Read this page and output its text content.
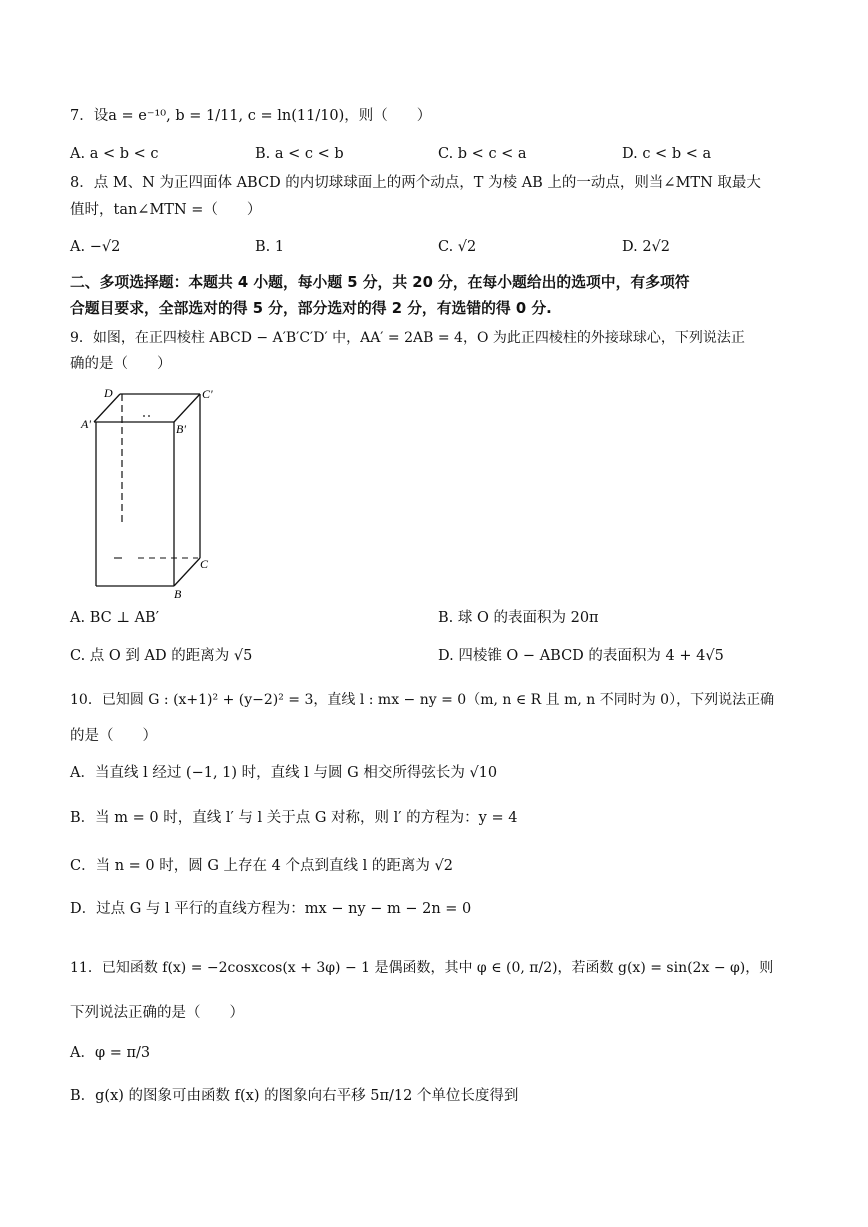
7．设a = e⁻¹⁰, b = 1/11, c = ln(11/10)，则（　　）
A. a < b < c	B. a < c < b	C. b < c < a	D. c < b < a
8．点 M、N 为正四面体 ABCD 的内切球球面上的两个动点，T 为棱 AB 上的一动点，则当∠MTN 取最大
值时，tan∠MTN =（　　）
A. −√2	B. 1	C. √2	D. 2√2
二、多项选择题：本题共 4 小题，每小题 5 分，共 20 分，在每小题给出的选项中，有多项符
合题目要求，全部选对的得 5 分，部分选对的得 2 分，有选错的得 0 分.
9．如图，在正四棱柱 ABCD − A′B′C′D′ 中，AA′ = 2AB = 4，O 为此正四棱柱的外接球球心，下列说法正
确的是（　　）
D	C'
A'	B'
C
B
A. BC ⊥ AB′	B. 球 O 的表面积为 20π
C. 点 O 到 AD 的距离为 √5	D. 四棱锥 O − ABCD 的表面积为 4 + 4√5
10．已知圆 G : (x+1)² + (y−2)² = 3，直线 l : mx − ny = 0（m, n ∈ R 且 m, n 不同时为 0），下列说法正确
的是（　　）
A．当直线 l 经过 (−1, 1) 时，直线 l 与圆 G 相交所得弦长为 √10
B．当 m = 0 时，直线 l′ 与 l 关于点 G 对称，则 l′ 的方程为：y = 4
C．当 n = 0 时，圆 G 上存在 4 个点到直线 l 的距离为 √2
D．过点 G 与 l 平行的直线方程为：mx − ny − m − 2n = 0
11．已知函数 f(x) = −2cosxcos(x + 3φ) − 1 是偶函数，其中 φ ∈ (0, π/2)，若函数 g(x) = sin(2x − φ)，则
下列说法正确的是（　　）
A．φ = π/3
B．g(x) 的图象可由函数 f(x) 的图象向右平移 5π/12 个单位长度得到
